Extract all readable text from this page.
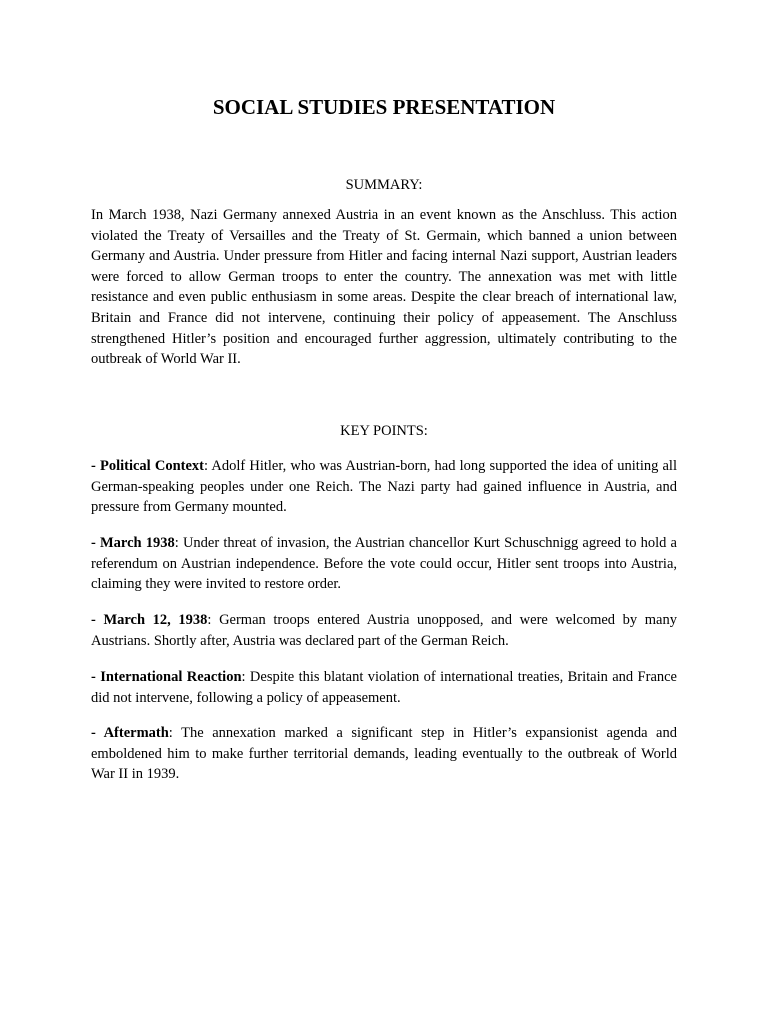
SOCIAL STUDIES PRESENTATION

SUMMARY:

In March 1938, Nazi Germany annexed Austria in an event known as the Anschluss. This action violated the Treaty of Versailles and the Treaty of St. Germain, which banned a union between Germany and Austria. Under pressure from Hitler and facing internal Nazi support, Austrian leaders were forced to allow German troops to enter the country. The annexation was met with little resistance and even public enthusiasm in some areas. Despite the clear breach of international law, Britain and France did not intervene, continuing their policy of appeasement. The Anschluss strengthened Hitler’s position and encouraged further aggression, ultimately contributing to the outbreak of World War II.

KEY POINTS:

- Political Context: Adolf Hitler, who was Austrian-born, had long supported the idea of uniting all German-speaking peoples under one Reich. The Nazi party had gained influence in Austria, and pressure from Germany mounted.

- March 1938: Under threat of invasion, the Austrian chancellor Kurt Schuschnigg agreed to hold a referendum on Austrian independence. Before the vote could occur, Hitler sent troops into Austria, claiming they were invited to restore order.

- March 12, 1938: German troops entered Austria unopposed, and were welcomed by many Austrians. Shortly after, Austria was declared part of the German Reich.

- International Reaction: Despite this blatant violation of international treaties, Britain and France did not intervene, following a policy of appeasement.

- Aftermath: The annexation marked a significant step in Hitler’s expansionist agenda and emboldened him to make further territorial demands, leading eventually to the outbreak of World War II in 1939.
